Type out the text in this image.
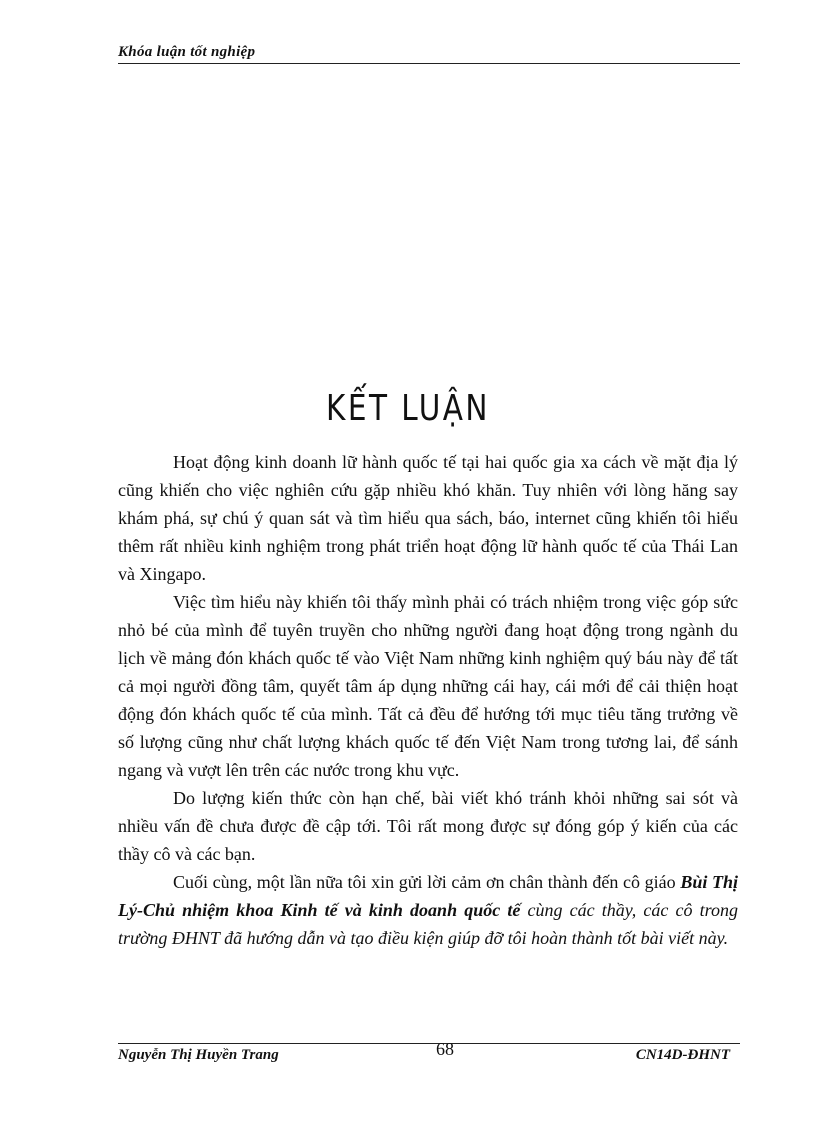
Khóa luận tốt nghiệp
KẾT LUẬN

Hoạt động kinh doanh lữ hành quốc tế tại hai quốc gia xa cách về mặt địa lý cũng khiến cho việc nghiên cứu gặp nhiều khó khăn. Tuy nhiên với lòng hăng say khám phá, sự chú ý quan sát và tìm hiểu qua sách, báo, internet cũng khiến tôi hiểu thêm rất nhiều kinh nghiệm trong phát triển hoạt động lữ hành quốc tế của Thái Lan và Xingapo.

Việc tìm hiểu này khiến tôi thấy mình phải có trách nhiệm trong việc góp sức nhỏ bé của mình để tuyên truyền cho những người đang hoạt động trong ngành du lịch về mảng đón khách quốc tế vào Việt Nam những kinh nghiệm quý báu này để tất cả mọi người đồng tâm, quyết tâm áp dụng những cái hay, cái mới để cải thiện hoạt động đón khách quốc tế của mình. Tất cả đều để hướng tới mục tiêu tăng trưởng về số lượng cũng như chất lượng khách quốc tế đến Việt Nam trong tương lai, để sánh ngang và vượt lên trên các nước trong khu vực.

Do lượng kiến thức còn hạn chế, bài viết khó tránh khỏi những sai sót và nhiều vấn đề chưa được đề cập tới. Tôi rất mong được sự đóng góp ý kiến của các thầy cô và các bạn.

Cuối cùng, một lần nữa tôi xin gửi lời cảm ơn chân thành đến cô giáo Bùi Thị Lý-Chủ nhiệm khoa Kinh tế và kinh doanh quốc tế cùng các thầy, các cô trong trường ĐHNT đã hướng dẫn và tạo điều kiện giúp đỡ tôi hoàn thành tốt bài viết này.

Nguyễn Thị Huyền Trang	68	CN14D-ĐHNT
